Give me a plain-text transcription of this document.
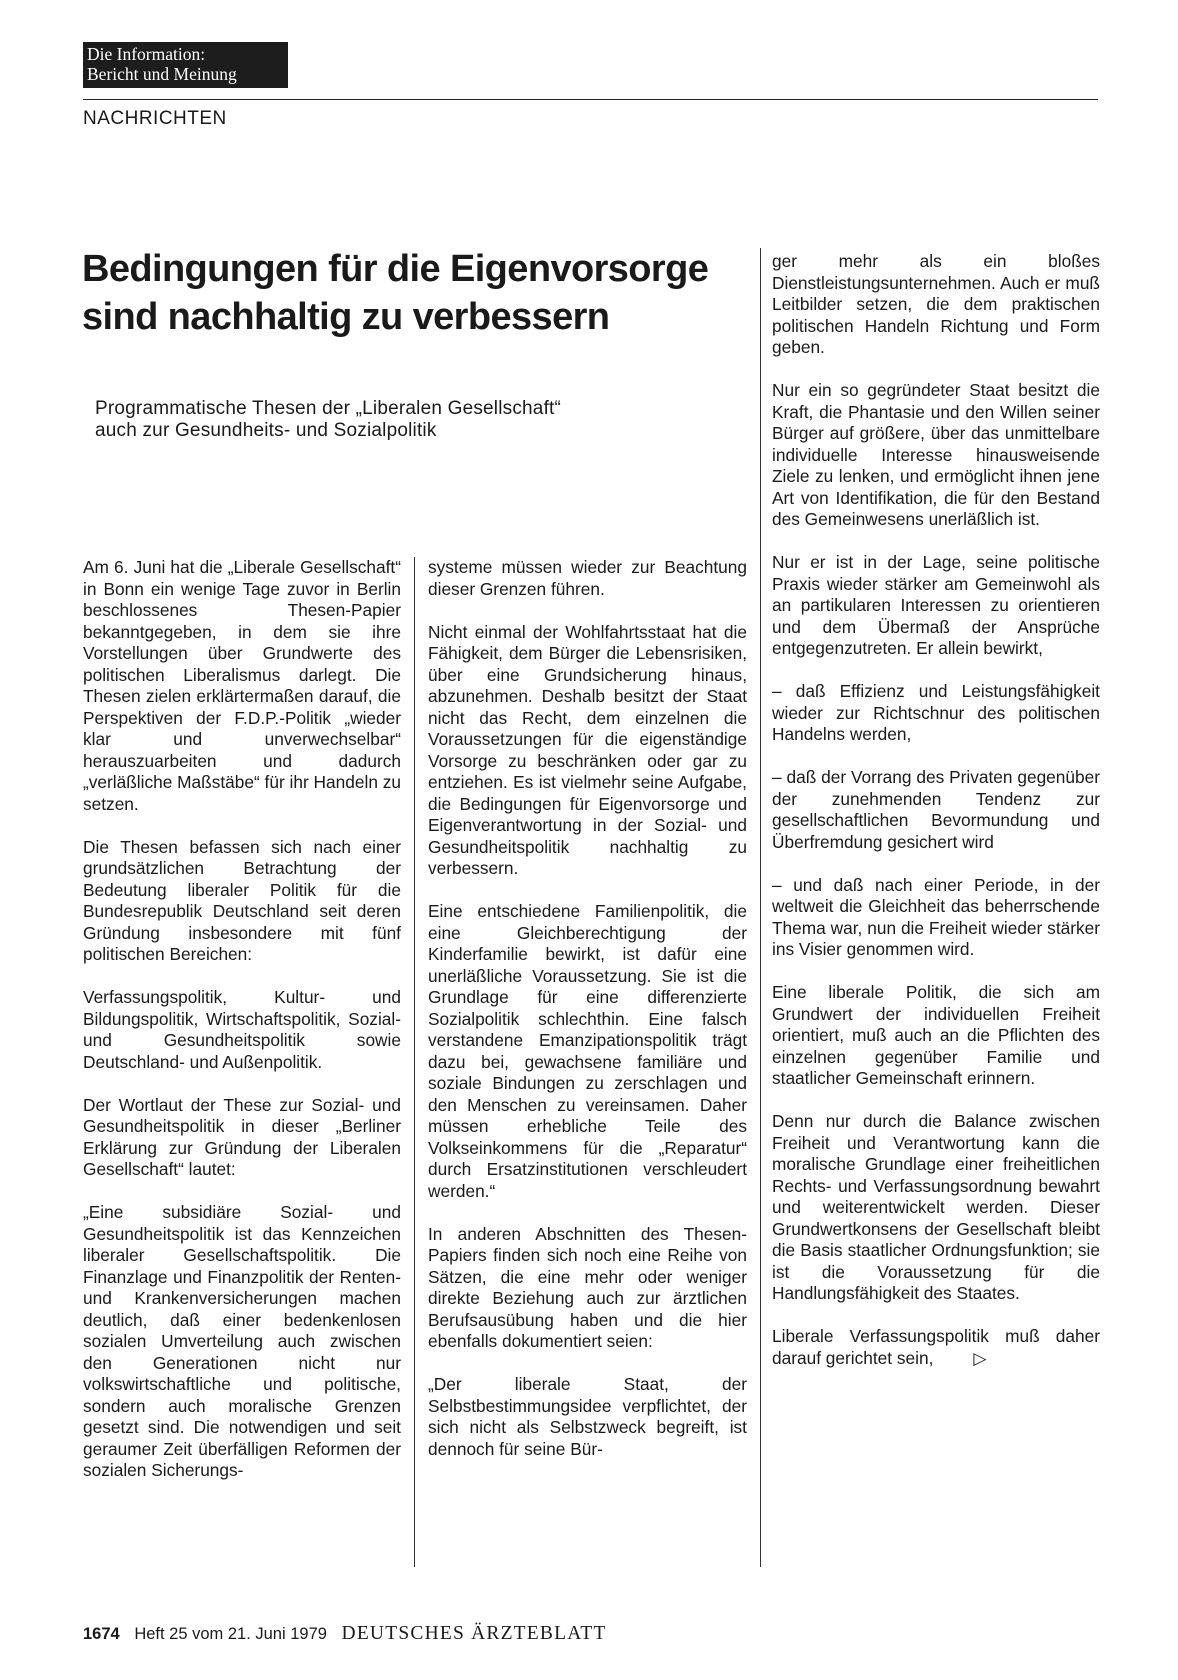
Die Information:
Bericht und Meinung
NACHRICHTEN
Bedingungen für die Eigenvorsorge
sind nachhaltig zu verbessern
Programmatische Thesen der „Liberalen Gesellschaft“
auch zur Gesundheits- und Sozialpolitik

Am 6. Juni hat die „Liberale Gesellschaft“ in Bonn ein wenige Tage zuvor in Berlin beschlossenes Thesen-Papier bekanntgegeben, in dem sie ihre Vorstellungen über Grundwerte des politischen Liberalismus darlegt. Die Thesen zielen erklärtermaßen darauf, die Perspektiven der F.D.P.-Politik „wieder klar und unverwechselbar“ herauszuarbeiten und dadurch „verläßliche Maßstäbe“ für ihr Handeln zu setzen.

Die Thesen befassen sich nach einer grundsätzlichen Betrachtung der Bedeutung liberaler Politik für die Bundesrepublik Deutschland seit deren Gründung insbesondere mit fünf politischen Bereichen:

Verfassungspolitik, Kultur- und Bildungspolitik, Wirtschaftspolitik, Sozial- und Gesundheitspolitik sowie Deutschland- und Außenpolitik.

Der Wortlaut der These zur Sozial- und Gesundheitspolitik in dieser „Berliner Erklärung zur Gründung der Liberalen Gesellschaft“ lautet:

„Eine subsidiäre Sozial- und Gesundheitspolitik ist das Kennzeichen liberaler Gesellschaftspolitik. Die Finanzlage und Finanzpolitik der Renten- und Krankenversicherungen machen deutlich, daß einer bedenkenlosen sozialen Umverteilung auch zwischen den Generationen nicht nur volkswirtschaftliche und politische, sondern auch moralische Grenzen gesetzt sind. Die notwendigen und seit geraumer Zeit überfälligen Reformen der sozialen Sicherungs-

systeme müssen wieder zur Beachtung dieser Grenzen führen.

Nicht einmal der Wohlfahrtsstaat hat die Fähigkeit, dem Bürger die Lebensrisiken, über eine Grundsicherung hinaus, abzunehmen. Deshalb besitzt der Staat nicht das Recht, dem einzelnen die Voraussetzungen für die eigenständige Vorsorge zu beschränken oder gar zu entziehen. Es ist vielmehr seine Aufgabe, die Bedingungen für Eigenvorsorge und Eigenverantwortung in der Sozial- und Gesundheitspolitik nachhaltig zu verbessern.

Eine entschiedene Familienpolitik, die eine Gleichberechtigung der Kinderfamilie bewirkt, ist dafür eine unerläßliche Voraussetzung. Sie ist die Grundlage für eine differenzierte Sozialpolitik schlechthin. Eine falsch verstandene Emanzipationspolitik trägt dazu bei, gewachsene familiäre und soziale Bindungen zu zerschlagen und den Menschen zu vereinsamen. Daher müssen erhebliche Teile des Volkseinkommens für die „Reparatur“ durch Ersatzinstitutionen verschleudert werden.“

In anderen Abschnitten des Thesen-Papiers finden sich noch eine Reihe von Sätzen, die eine mehr oder weniger direkte Beziehung auch zur ärztlichen Berufsausübung haben und die hier ebenfalls dokumentiert seien:

„Der liberale Staat, der Selbstbestimmungsidee verpflichtet, der sich nicht als Selbstzweck begreift, ist dennoch für seine Bür-

ger mehr als ein bloßes Dienstleistungsunternehmen. Auch er muß Leitbilder setzen, die dem praktischen politischen Handeln Richtung und Form geben.

Nur ein so gegründeter Staat besitzt die Kraft, die Phantasie und den Willen seiner Bürger auf größere, über das unmittelbare individuelle Interesse hinausweisende Ziele zu lenken, und ermöglicht ihnen jene Art von Identifikation, die für den Bestand des Gemeinwesens unerläßlich ist.

Nur er ist in der Lage, seine politische Praxis wieder stärker am Gemeinwohl als an partikularen Interessen zu orientieren und dem Übermaß der Ansprüche entgegenzutreten. Er allein bewirkt,

– daß Effizienz und Leistungsfähigkeit wieder zur Richtschnur des politischen Handelns werden,

– daß der Vorrang des Privaten gegenüber der zunehmenden Tendenz zur gesellschaftlichen Bevormundung und Überfremdung gesichert wird

– und daß nach einer Periode, in der weltweit die Gleichheit das beherrschende Thema war, nun die Freiheit wieder stärker ins Visier genommen wird.

Eine liberale Politik, die sich am Grundwert der individuellen Freiheit orientiert, muß auch an die Pflichten des einzelnen gegenüber Familie und staatlicher Gemeinschaft erinnern.

Denn nur durch die Balance zwischen Freiheit und Verantwortung kann die moralische Grundlage einer freiheitlichen Rechts- und Verfassungsordnung bewahrt und weiterentwickelt werden. Dieser Grundwertkonsens der Gesellschaft bleibt die Basis staatlicher Ordnungsfunktion; sie ist die Voraussetzung für die Handlungsfähigkeit des Staates.

Liberale Verfassungspolitik muß daher darauf gerichtet sein, ▷

1674 Heft 25 vom 21. Juni 1979 DEUTSCHES ÄRZTEBLATT
